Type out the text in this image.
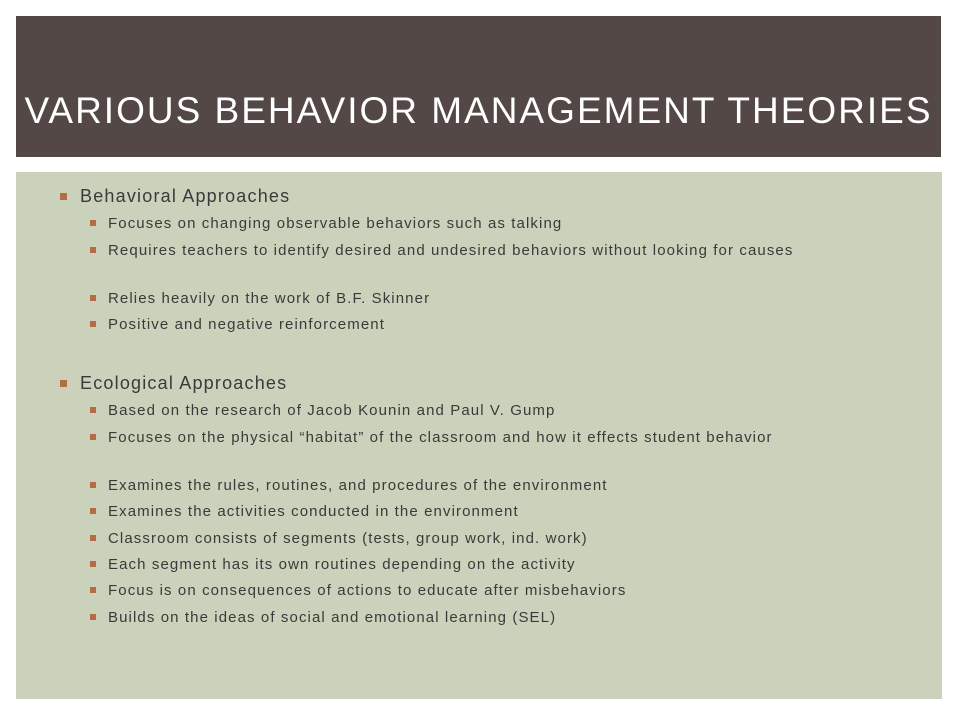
VARIOUS BEHAVIOR MANAGEMENT THEORIES
Behavioral Approaches
Focuses on changing observable behaviors such as talking
Requires teachers to identify desired and undesired behaviors without looking for causes
Relies heavily on the work of B.F. Skinner
Positive and negative reinforcement
Ecological Approaches
Based on the research of Jacob Kounin and Paul V. Gump
Focuses on the physical “habitat” of the classroom and how it effects student behavior
Examines the rules, routines, and procedures of the environment
Examines the activities conducted in the environment
Classroom consists of segments (tests, group work, ind. work)
Each segment has its own routines depending on the activity
Focus is on consequences of actions to educate after misbehaviors
Builds on the ideas of social and emotional learning (SEL)
